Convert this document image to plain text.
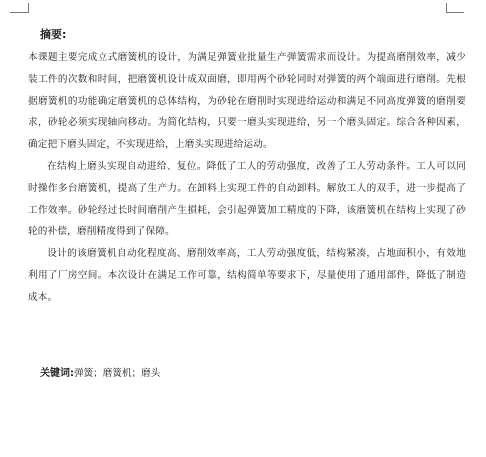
摘要:

本课题主要完成立式磨簧机的设计，为满足弹簧业批量生产弹簧需求而设计。为提高磨削效率，减少装工件的次数和时间，把磨簧机设计成双面磨，即用两个砂轮同时对弹簧的两个端面进行磨削。先根据磨簧机的功能确定磨簧机的总体结构，为砂轮在磨削时实现进给运动和满足不同高度弹簧的磨削要求，砂轮必须实现轴向移动。为简化结构，只要一磨头实现进给，另一个磨头固定。综合各种因素，确定把下磨头固定，不实现进给，上磨头实现进给运动。

在结构上磨头实现自动进给、复位。降低了工人的劳动强度，改善了工人劳动条件。工人可以同时操作多台磨簧机，提高了生产力。在卸料上实现工件的自动卸料。解放工人的双手，进一步提高了工作效率。砂轮经过长时间磨削产生損耗，会引起弹簧加工精度的下降，该磨簧机在结构上实现了砂轮的补偿，磨削精度得到了保障。

设计的该磨簧机自动化程度高、磨削效率高，工人劳动强度低，结构紧凑，占地面积小，有效地利用了厂房空间。本次设计在满足工作可靠，结构简单等要求下，尽量使用了通用部件，降低了制造成本。

关键词:弹簧；磨簧机；磨头
